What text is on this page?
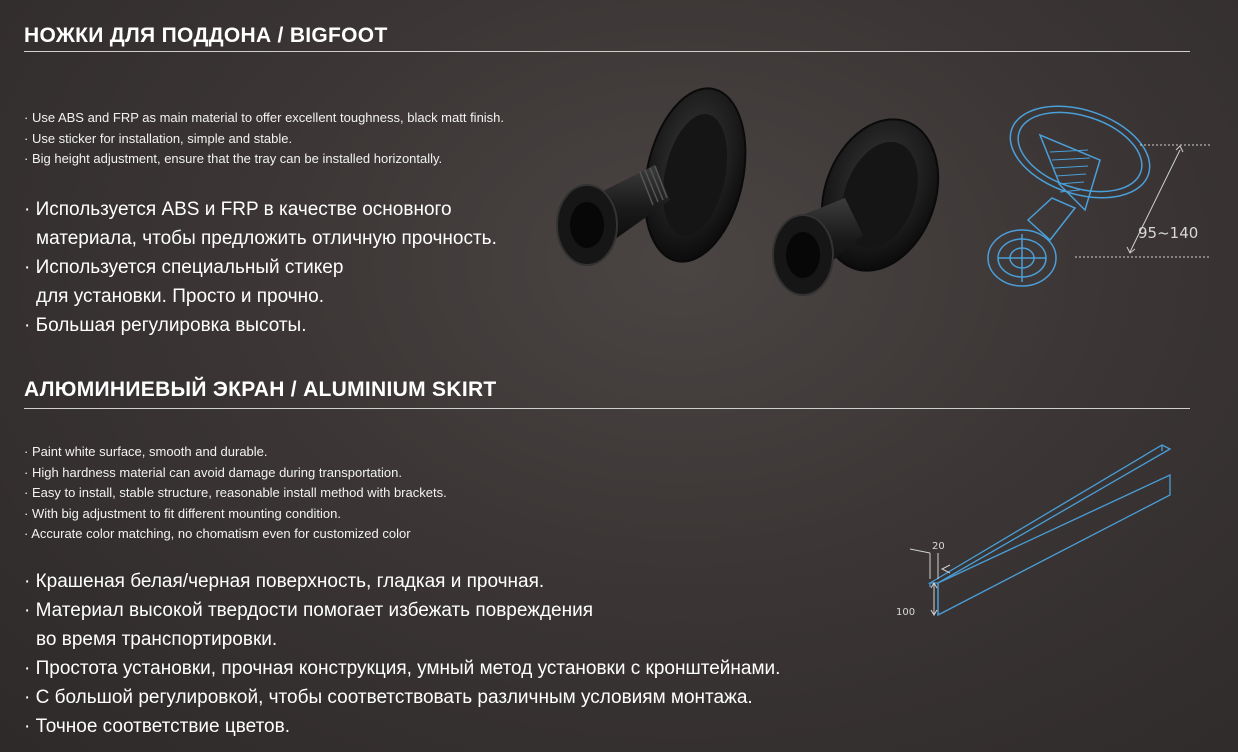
НОЖКИ ДЛЯ ПОДДОНА / BIGFOOT
· Use ABS and FRP as main material to offer excellent toughness, black matt finish.
· Use sticker for installation, simple and stable.
· Big height adjustment, ensure that the tray can be installed horizontally.
· Используется ABS и FRP в качестве основного
материала, чтобы предложить отличную прочность.
· Используется специальный стикер
для установки. Просто и прочно.
· Большая регулировка высоты.
95~140
АЛЮМИНИЕВЫЙ ЭКРАН / ALUMINIUM SKIRT
· Paint white surface, smooth and durable.
· High hardness material can avoid damage during transportation.
· Easy to install, stable structure, reasonable install method with brackets.
· With big adjustment to fit different mounting condition.
· Accurate color matching, no chomatism even for customized color
· Крашеная белая/черная поверхность, гладкая и прочная.
· Материал высокой твердости помогает избежать повреждения
во время транспортировки.
· Простота установки, прочная конструкция, умный метод установки с кронштейнами.
· С большой регулировкой, чтобы соответствовать различным условиям монтажа.
· Точное соответствие цветов.
20
100
